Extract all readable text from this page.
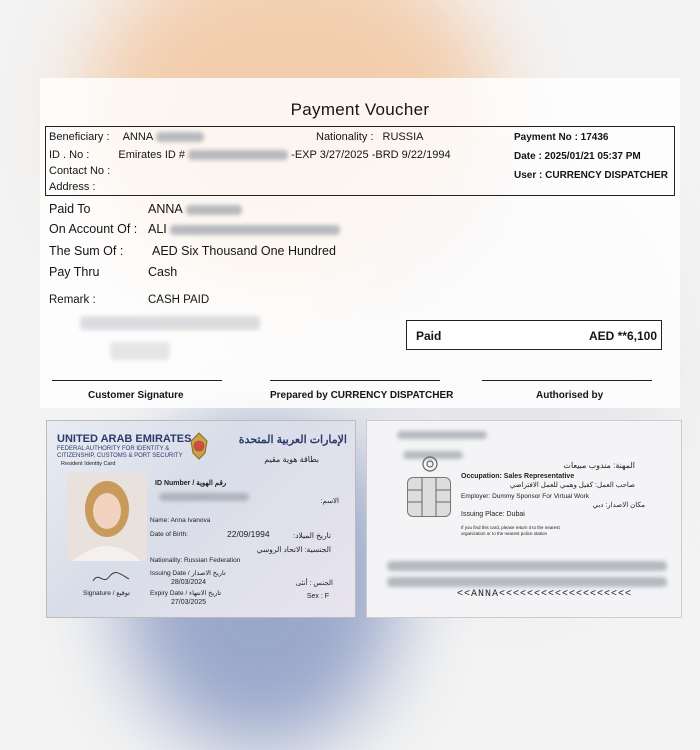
Payment Voucher
Beneficiary : ANNA	Nationality : RUSSIA	Payment No : 17436
ID . No :	Emirates ID #	-EXP 3/27/2025 -BRD 9/22/1994	Date : 2025/01/21 05:37 PM
Contact No :	User : CURRENCY DISPATCHER
Address :
Paid To	ANNA
On Account Of : ALI
The Sum Of : AED Six Thousand One Hundred
Pay Thru	Cash
Remark :	CASH PAID
Paid	AED **6,100
Customer Signature	Prepared by CURRENCY DISPATCHER	Authorised by
UNITED ARAB EMIRATES
FEDERAL AUTHORITY FOR IDENTITY &
CITIZENSHIP, CUSTOMS & PORT SECURITY
Resident Identity Card
الإمارات العربية المتحدة
بطاقة هوية مقيم
ID Number / رقم الهوية
:الاسم
Name: Anna Ivanova
Date of Birth:	22/09/1994	:تاريخ الميلاد
الجنسية: الاتحاد الروسي
Nationality: Russian Federation
Issuing Date / تاريخ الاصدار
28/03/2024
Expiry Date / تاريخ الانتهاء
27/03/2025
Signature / توقيع
الجنس : أنثى
Sex : F
Occupation: Sales Representative
المهنة: مندوب مبيعات
صاحب العمل: كفيل وهمي للعمل الافتراضي
Employer: Dummy Sponsor For Virtual Work
مكان الاصدار: دبي
Issuing Place: Dubai
If you find this card, please return it to the nearest
organization or to the nearest police station
<<ANNA<<<<<<<<<<<<<<<<<<<
